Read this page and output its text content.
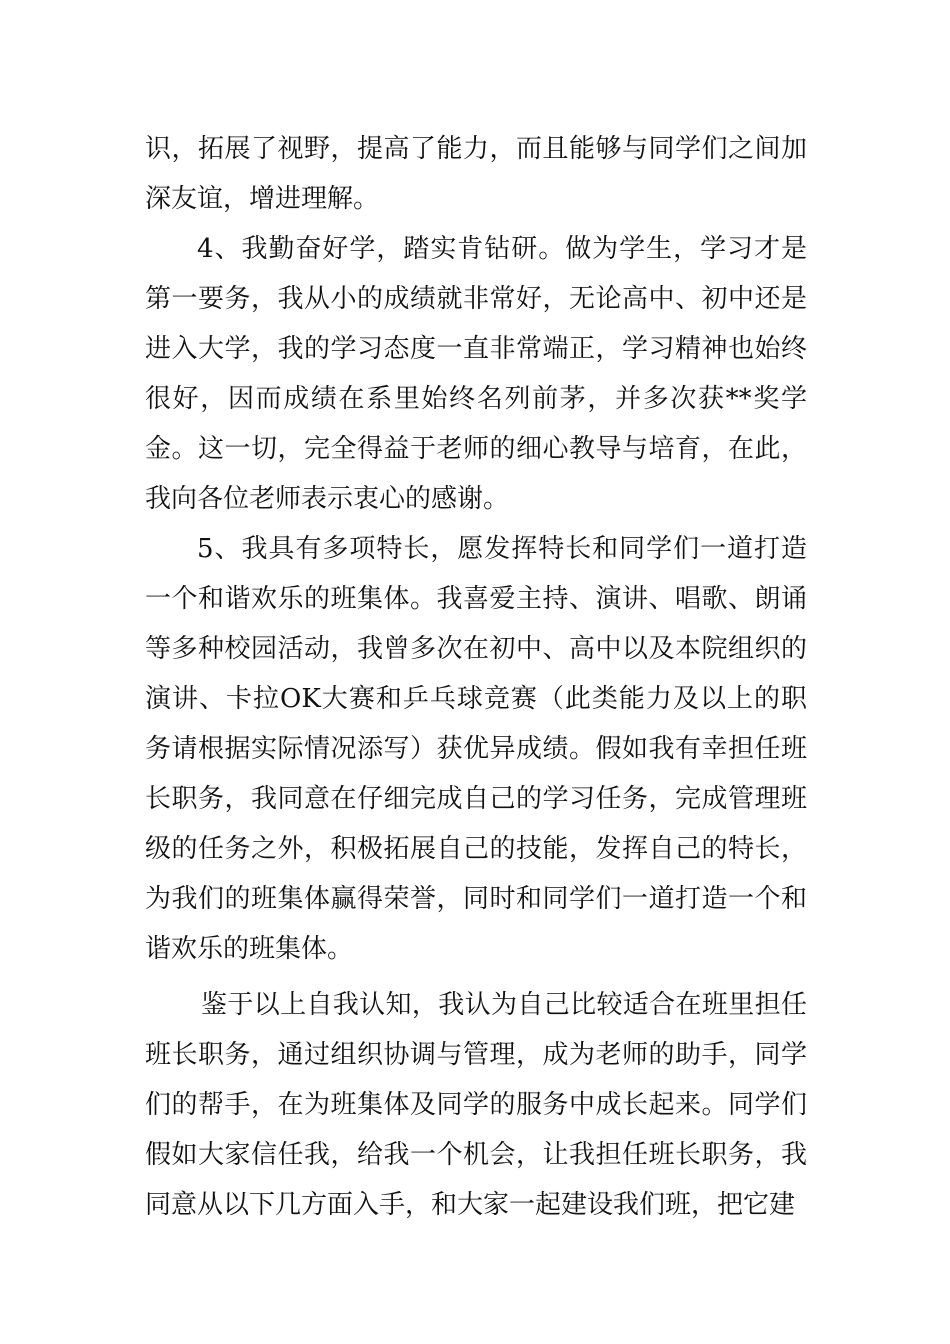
识，拓展了视野，提高了能力，而且能够与同学们之间加深友谊，增进理解。

4、我勤奋好学，踏实肯钻研。做为学生，学习才是第一要务，我从小的成绩就非常好，无论高中、初中还是进入大学，我的学习态度一直非常端正，学习精神也始终很好，因而成绩在系里始终名列前茅，并多次获**奖学金。这一切，完全得益于老师的细心教导与培育，在此，我向各位老师表示衷心的感谢。

5、我具有多项特长，愿发挥特长和同学们一道打造一个和谐欢乐的班集体。我喜爱主持、演讲、唱歌、朗诵等多种校园活动，我曾多次在初中、高中以及本院组织的演讲、卡拉OK大赛和乒乓球竞赛（此类能力及以上的职务请根据实际情况添写）获优异成绩。假如我有幸担任班长职务，我同意在仔细完成自己的学习任务，完成管理班级的任务之外，积极拓展自己的技能，发挥自己的特长，为我们的班集体赢得荣誉，同时和同学们一道打造一个和谐欢乐的班集体。

鉴于以上自我认知，我认为自己比较适合在班里担任班长职务，通过组织协调与管理，成为老师的助手，同学们的帮手，在为班集体及同学的服务中成长起来。同学们假如大家信任我，给我一个机会，让我担任班长职务，我同意从以下几方面入手，和大家一起建设我们班，把它建
